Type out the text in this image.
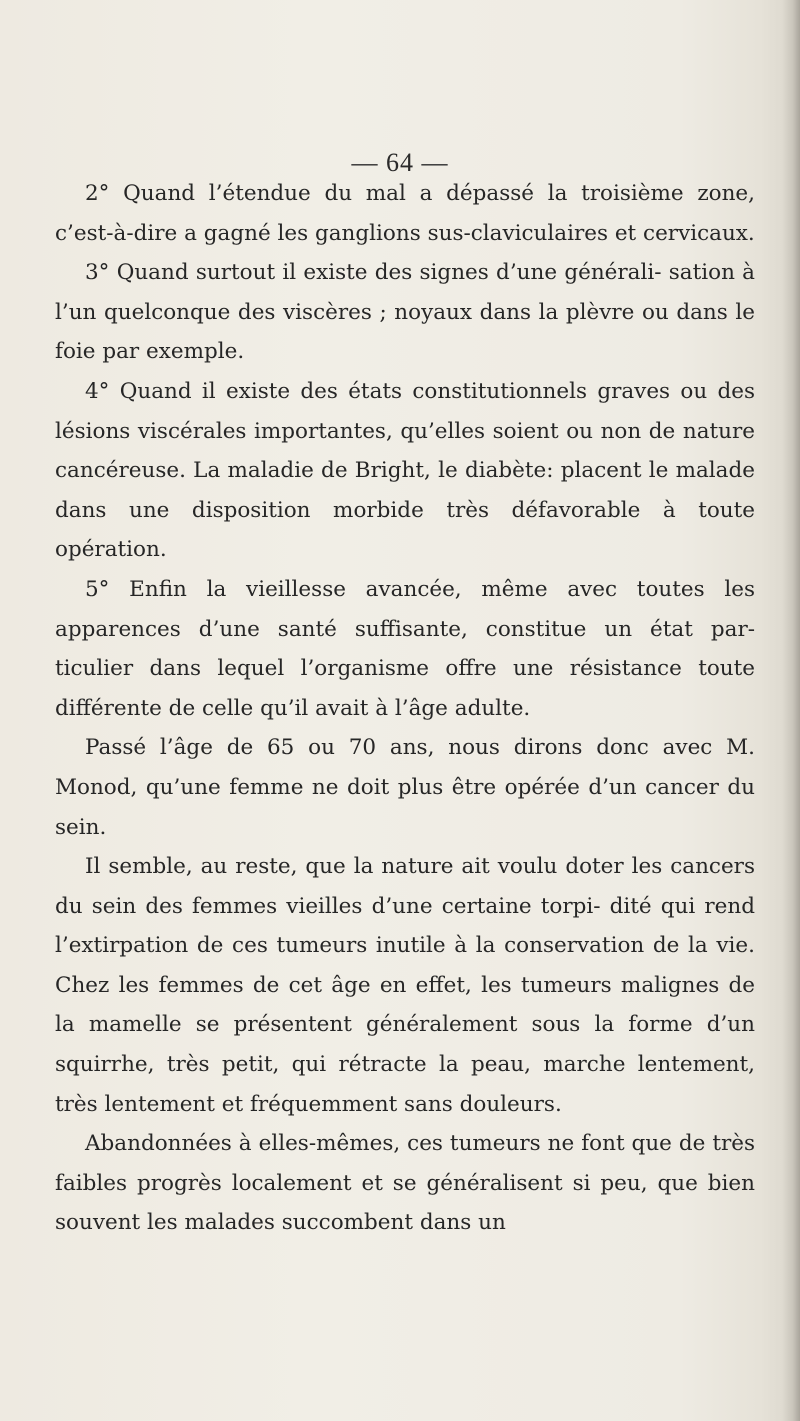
— 64 —

2° Quand l’étendue du mal a dépassé la troisième zone, c’est-à-dire a gagné les ganglions sus-claviculaires et cervicaux.

3° Quand surtout il existe des signes d’une générali- sation à l’un quelconque des viscères ; noyaux dans la plèvre ou dans le foie par exemple.

4° Quand il existe des états constitutionnels graves ou des lésions viscérales importantes, qu’elles soient ou non de nature cancéreuse. La maladie de Bright, le diabète: placent le malade dans une disposition morbide très défavorable à toute opération.

5° Enfin la vieillesse avancée, même avec toutes les apparences d’une santé suffisante, constitue un état par- ticulier dans lequel l’organisme offre une résistance toute différente de celle qu’il avait à l’âge adulte.

Passé l’âge de 65 ou 70 ans, nous dirons donc avec M. Monod, qu’une femme ne doit plus être opérée d’un cancer du sein.

Il semble, au reste, que la nature ait voulu doter les cancers du sein des femmes vieilles d’une certaine torpi- dité qui rend l’extirpation de ces tumeurs inutile à la conservation de la vie. Chez les femmes de cet âge en effet, les tumeurs malignes de la mamelle se présentent généralement sous la forme d’un squirrhe, très petit, qui rétracte la peau, marche lentement, très lentement et fréquemment sans douleurs.

Abandonnées à elles-mêmes, ces tumeurs ne font que de très faibles progrès localement et se généralisent si peu, que bien souvent les malades succombent dans un
